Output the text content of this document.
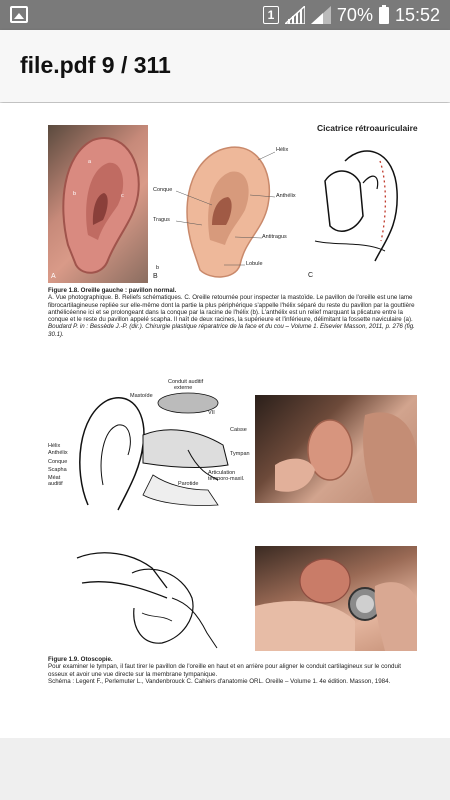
1	70% 15:52
file.pdf 9 / 311
a
b	c
A
Hélix
Conque
Anthélix
Tragus
Antitragus
Lobule
b
B
Cicatrice rétroauriculaire
C
Figure 1.8. Oreille gauche : pavillon normal.
A. Vue photographique. B. Reliefs schématiques. C. Oreille retournée pour inspecter la mastoïde. Le pavillon de l'oreille est une lame fibrocartilagineuse repliée sur elle-même dont la partie la plus périphérique s'appelle l'hélix séparé du reste du pavillon par la gouttière anthélicéenne ici et se prolongeant dans la conque par la racine de l'hélix (b). L'anthélix est un relief marquant la plicature entre la conque et le reste du pavillon appelé scapha. Il naît de deux racines, la supérieure et l'inférieure, délimitant la fossette naviculaire (a).
Boudard P. in : Bessède J.-P. (dir.). Chirurgie plastique réparatrice de la face et du cou – Volume 1. Elsevier Masson, 2011, p. 276 (fig. 30.1).
Conduit auditif
externe
Mastoïde
VII
Caisse
Hélix
Anthélix
Conque
Scapha
Méat
auditif
Tympan
Articulation
temporo-maxil.
Parotide
Figure 1.9. Otoscopie.
Pour examiner le tympan, il faut tirer le pavillon de l'oreille en haut et en arrière pour aligner le conduit cartilagineux sur le conduit osseux et avoir une vue directe sur la membrane tympanique.
Schéma : Legent F., Perlemuter L., Vandenbrouck C. Cahiers d'anatomie ORL. Oreille – Volume 1. 4e édition. Masson, 1984.
